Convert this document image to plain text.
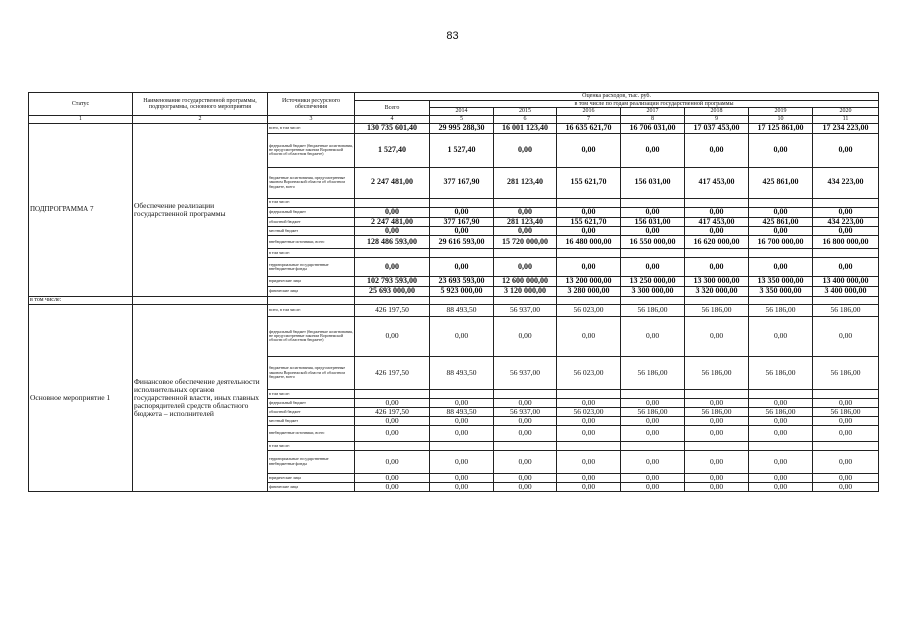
83
Статус	Наименование государственной программы, подпрограммы, основного мероприятия	Источники ресурсного обеспечения	Оценка расходов, тыс. руб.							
			Всего	в том числе по годам реализации государственной программы						
				2014	2015	2016	2017	2018	2019	2020
1	2	3	4	5	6	7	8	9	10	11
ПОДПРОГРАММА 7	Обеспечение реализации государственной программы	всего, в том числе:	130 735 601,40	29 995 288,30	16 001 123,40	16 635 621,70	16 706 031,00	17 037 453,00	17 125 861,00	17 234 223,00
		федеральный бюджет (бюджетные ассигнования, не предусмотренные законом Воронежской области об областном бюджете)	1 527,40	1 527,40	0,00	0,00	0,00	0,00	0,00	0,00
		бюджетные ассигнования, предусмотренные законом Воронежской области об областном бюджете, всего	2 247 481,00	377 167,90	281 123,40	155 621,70	156 031,00	417 453,00	425 861,00	434 223,00
		в том числе:								
		федеральный бюджет	0,00	0,00	0,00	0,00	0,00	0,00	0,00	0,00
		областной бюджет	2 247 481,00	377 167,90	281 123,40	155 621,70	156 031,00	417 453,00	425 861,00	434 223,00
		местный бюджет	0,00	0,00	0,00	0,00	0,00	0,00	0,00	0,00
		внебюджетные источники, всего	128 486 593,00	29 616 593,00	15 720 000,00	16 480 000,00	16 550 000,00	16 620 000,00	16 700 000,00	16 800 000,00
		в том числе:								
		территориальные государственные внебюджетные фонды	0,00	0,00	0,00	0,00	0,00	0,00	0,00	0,00
		юридические лица	102 793 593,00	23 693 593,00	12 600 000,00	13 200 000,00	13 250 000,00	13 300 000,00	13 350 000,00	13 400 000,00
		физические лица	25 693 000,00	5 923 000,00	3 120 000,00	3 280 000,00	3 300 000,00	3 320 000,00	3 350 000,00	3 400 000,00
в том числе:										
Основное мероприятие 1	Финансовое обеспечение деятельности исполнительных органов государственной власти, иных главных распорядителей средств областного бюджета – исполнителей	всего, в том числе:	426 197,50	88 493,50	56 937,00	56 023,00	56 186,00	56 186,00	56 186,00	56 186,00
		федеральный бюджет (бюджетные ассигнования, не предусмотренные законом Воронежской области об областном бюджете)	0,00	0,00	0,00	0,00	0,00	0,00	0,00	0,00
		бюджетные ассигнования, предусмотренные законом Воронежской области об областном бюджете, всего	426 197,50	88 493,50	56 937,00	56 023,00	56 186,00	56 186,00	56 186,00	56 186,00
		в том числе:								
		федеральный бюджет	0,00	0,00	0,00	0,00	0,00	0,00	0,00	0,00
		областной бюджет	426 197,50	88 493,50	56 937,00	56 023,00	56 186,00	56 186,00	56 186,00	56 186,00
		местный бюджет	0,00	0,00	0,00	0,00	0,00	0,00	0,00	0,00
		внебюджетные источники, всего	0,00	0,00	0,00	0,00	0,00	0,00	0,00	0,00
		в том числе:								
		территориальные государственные внебюджетные фонды	0,00	0,00	0,00	0,00	0,00	0,00	0,00	0,00
		юридические лица	0,00	0,00	0,00	0,00	0,00	0,00	0,00	0,00
		физические лица	0,00	0,00	0,00	0,00	0,00	0,00	0,00	0,00
